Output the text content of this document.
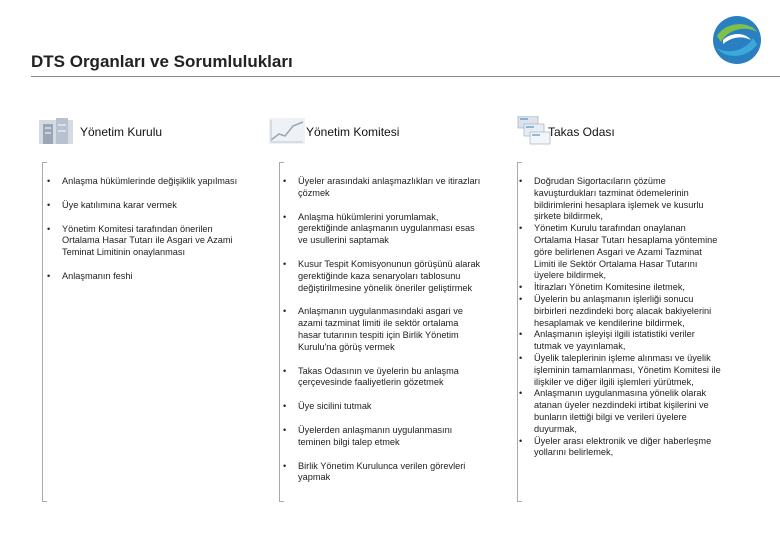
DTS Organları ve Sorumlulukları
Yönetim Kurulu
• Anlaşma hükümlerinde değişiklik yapılması
• Üye katılımına karar vermek
• Yönetim Komitesi tarafından önerilen Ortalama Hasar Tutarı ile Asgari ve Azami Teminat Limitinin onaylanması
• Anlaşmanın feshi
Yönetim Komitesi
• Üyeler arasındaki anlaşmazlıkları ve itirazları çözmek
• Anlaşma hükümlerini yorumlamak, gerektiğinde anlaşmanın uygulanması esas ve usullerini saptamak
• Kusur Tespit Komisyonunun görüşünü alarak gerektiğinde kaza senaryoları tablosunu değiştirilmesine yönelik öneriler geliştirmek
• Anlaşmanın uygulanmasındaki asgari ve azami tazminat limiti ile sektör ortalama hasar tutarının tespiti için Birlik Yönetim Kurulu'na görüş vermek
• Takas Odasının ve üyelerin bu anlaşma çerçevesinde faaliyetlerin gözetmek
• Üye sicilini tutmak
• Üyelerden anlaşmanın uygulanmasını teminen bilgi talep etmek
• Birlik Yönetim Kurulunca verilen görevleri yapmak
Takas Odası
• Doğrudan Sigortacıların çözüme kavuşturdukları tazminat ödemelerinin bildirimlerini hesaplara işlemek ve kusurlu şirkete bildirmek,
• Yönetim Kurulu tarafından onaylanan Ortalama Hasar Tutarı hesaplama yöntemine göre belirlenen Asgari ve Azami Tazminat Limiti ile Sektör Ortalama Hasar Tutarını üyelere bildirmek,
• İtirazları Yönetim Komitesine iletmek,
• Üyelerin bu anlaşmanın işlerliği sonucu birbirleri nezdindeki borç alacak bakiyelerini hesaplamak ve kendilerine bildirmek,
• Anlaşmanın işleyişi ilgili istatistiki veriler tutmak ve yayınlamak,
• Üyelik taleplerinin işleme alınması ve üyelik işleminin tamamlanması, Yönetim Komitesi ile ilişkiler ve diğer ilgili işlemleri yürütmek,
• Anlaşmanın uygulanmasına yönelik olarak atanan üyeler nezdindeki irtibat kişilerini ve bunların ilettiği bilgi ve verileri üyelere duyurmak,
• Üyeler arası elektronik ve diğer haberleşme yollarını belirlemek,
